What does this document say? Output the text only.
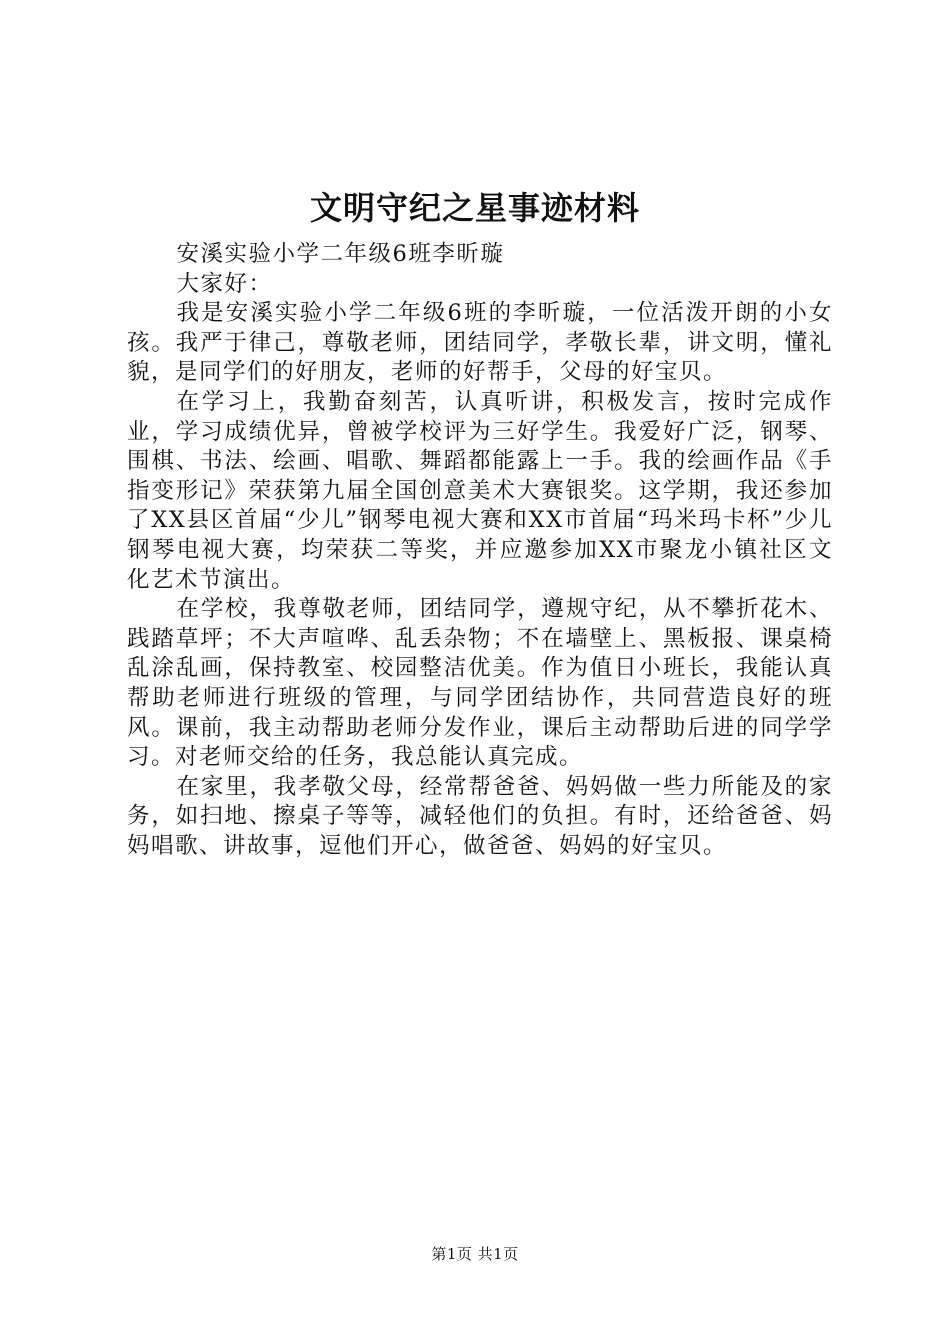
文明守纪之星事迹材料

安溪实验小学二年级6班李昕璇

大家好：

我是安溪实验小学二年级6班的李昕璇，一位活泼开朗的小女孩。我严于律己，尊敬老师，团结同学，孝敬长辈，讲文明，懂礼貌，是同学们的好朋友，老师的好帮手，父母的好宝贝。

在学习上，我勤奋刻苦，认真听讲，积极发言，按时完成作业，学习成绩优异，曾被学校评为三好学生。我爱好广泛，钢琴、围棋、书法、绘画、唱歌、舞蹈都能露上一手。我的绘画作品《手指变形记》荣获第九届全国创意美术大赛银奖。这学期，我还参加了XX县区首届“少儿”钢琴电视大赛和XX市首届“玛米玛卡杯”少儿钢琴电视大赛，均荣获二等奖，并应邀参加XX市聚龙小镇社区文化艺术节演出。

在学校，我尊敬老师，团结同学，遵规守纪，从不攀折花木、践踏草坪；不大声喧哗、乱丢杂物；不在墙壁上、黑板报、课桌椅乱涂乱画，保持教室、校园整洁优美。作为值日小班长，我能认真帮助老师进行班级的管理，与同学团结协作，共同营造良好的班风。课前，我主动帮助老师分发作业，课后主动帮助后进的同学学习。对老师交给的任务，我总能认真完成。

在家里，我孝敬父母，经常帮爸爸、妈妈做一些力所能及的家务，如扫地、擦桌子等等，减轻他们的负担。有时，还给爸爸、妈妈唱歌、讲故事，逗他们开心，做爸爸、妈妈的好宝贝。

第1页 共1页
